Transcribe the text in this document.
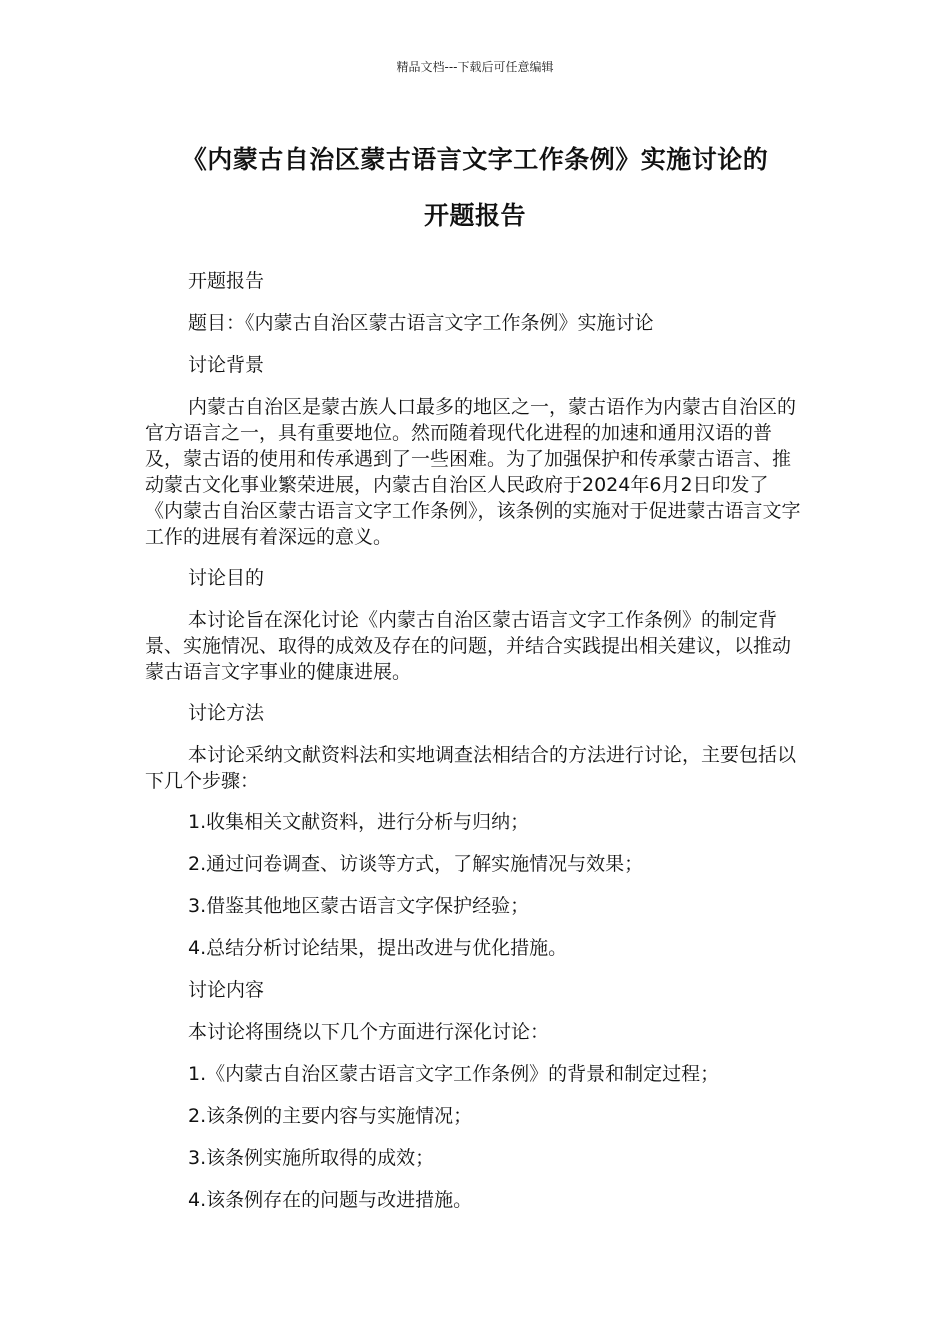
精品文档---下载后可任意编辑
《内蒙古自治区蒙古语言文字工作条例》实施讨论的
开题报告

开题报告

题目：《内蒙古自治区蒙古语言文字工作条例》实施讨论

讨论背景

内蒙古自治区是蒙古族人口最多的地区之一，蒙古语作为内蒙古自治区的官方语言之一，具有重要地位。然而随着现代化进程的加速和通用汉语的普及，蒙古语的使用和传承遇到了一些困难。为了加强保护和传承蒙古语言、推动蒙古文化事业繁荣进展，内蒙古自治区人民政府于2024年6月2日印发了《内蒙古自治区蒙古语言文字工作条例》，该条例的实施对于促进蒙古语言文字工作的进展有着深远的意义。

讨论目的

本讨论旨在深化讨论《内蒙古自治区蒙古语言文字工作条例》的制定背景、实施情况、取得的成效及存在的问题，并结合实践提出相关建议，以推动蒙古语言文字事业的健康进展。

讨论方法

本讨论采纳文献资料法和实地调查法相结合的方法进行讨论，主要包括以下几个步骤：

1.收集相关文献资料，进行分析与归纳；

2.通过问卷调查、访谈等方式，了解实施情况与效果；

3.借鉴其他地区蒙古语言文字保护经验；

4.总结分析讨论结果，提出改进与优化措施。

讨论内容

本讨论将围绕以下几个方面进行深化讨论：

1.《内蒙古自治区蒙古语言文字工作条例》的背景和制定过程；

2.该条例的主要内容与实施情况；

3.该条例实施所取得的成效；

4.该条例存在的问题与改进措施。
